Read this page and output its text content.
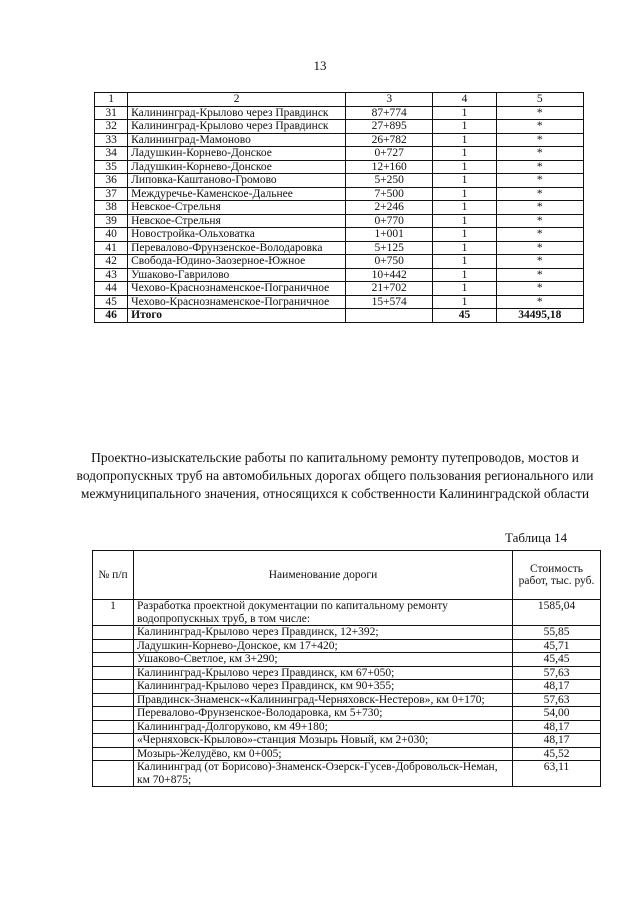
13
1	2	3	4	5
31	Калининград-Крылово через Правдинск	87+774	1	*
32	Калининград-Крылово через Правдинск	27+895	1	*
33	Калининград-Мамоново	26+782	1	*
34	Ладушкин-Корнево-Донское	0+727	1	*
35	Ладушкин-Корнево-Донское	12+160	1	*
36	Липовка-Каштаново-Громово	5+250	1	*
37	Междуречье-Каменское-Дальнее	7+500	1	*
38	Невское-Стрельня	2+246	1	*
39	Невское-Стрельня	0+770	1	*
40	Новостройка-Ольховатка	1+001	1	*
41	Перевалово-Фрунзенское-Володаровка	5+125	1	*
42	Свобода-Юдино-Заозерное-Южное	0+750	1	*
43	Ушаково-Гаврилово	10+442	1	*
44	Чехово-Краснознаменское-Пограничное	21+702	1	*
45	Чехово-Краснознаменское-Пограничное	15+574	1	*
46	Итого		45	34495,18
Проектно-изыскательские работы по капитальному ремонту путепроводов, мостов и водопропускных труб на автомобильных дорогах общего пользования регионального или межмуниципального значения, относящихся к собственности Калининградской области
Таблица 14
№ п/п	Наименование дороги	Стоимость работ, тыс. руб.
1	Разработка проектной документации по капитальному ремонту водопропускных труб, в том числе:	1585,04
	Калининград-Крылово через Правдинск, 12+392;	55,85
	Ладушкин-Корнево-Донское, км 17+420;	45,71
	Ушаково-Светлое, км 3+290;	45,45
	Калининград-Крылово через Правдинск, км 67+050;	57,63
	Калининград-Крылово через Правдинск, км 90+355;	48,17
	Правдинск-Знаменск-«Калининград-Черняховск-Нестеров», км 0+170;	57,63
	Перевалово-Фрунзенское-Володаровка, км 5+730;	54,00
	Калининград-Долгоруково, км 49+180;	48,17
	«Черняховск-Крылово»-станция Мозырь Новый, км 2+030;	48,17
	Мозырь-Желудёво, км 0+005;	45,52
	Калининград (от Борисово)-Знаменск-Озерск-Гусев-Добровольск-Неман, км 70+875;	63,11
